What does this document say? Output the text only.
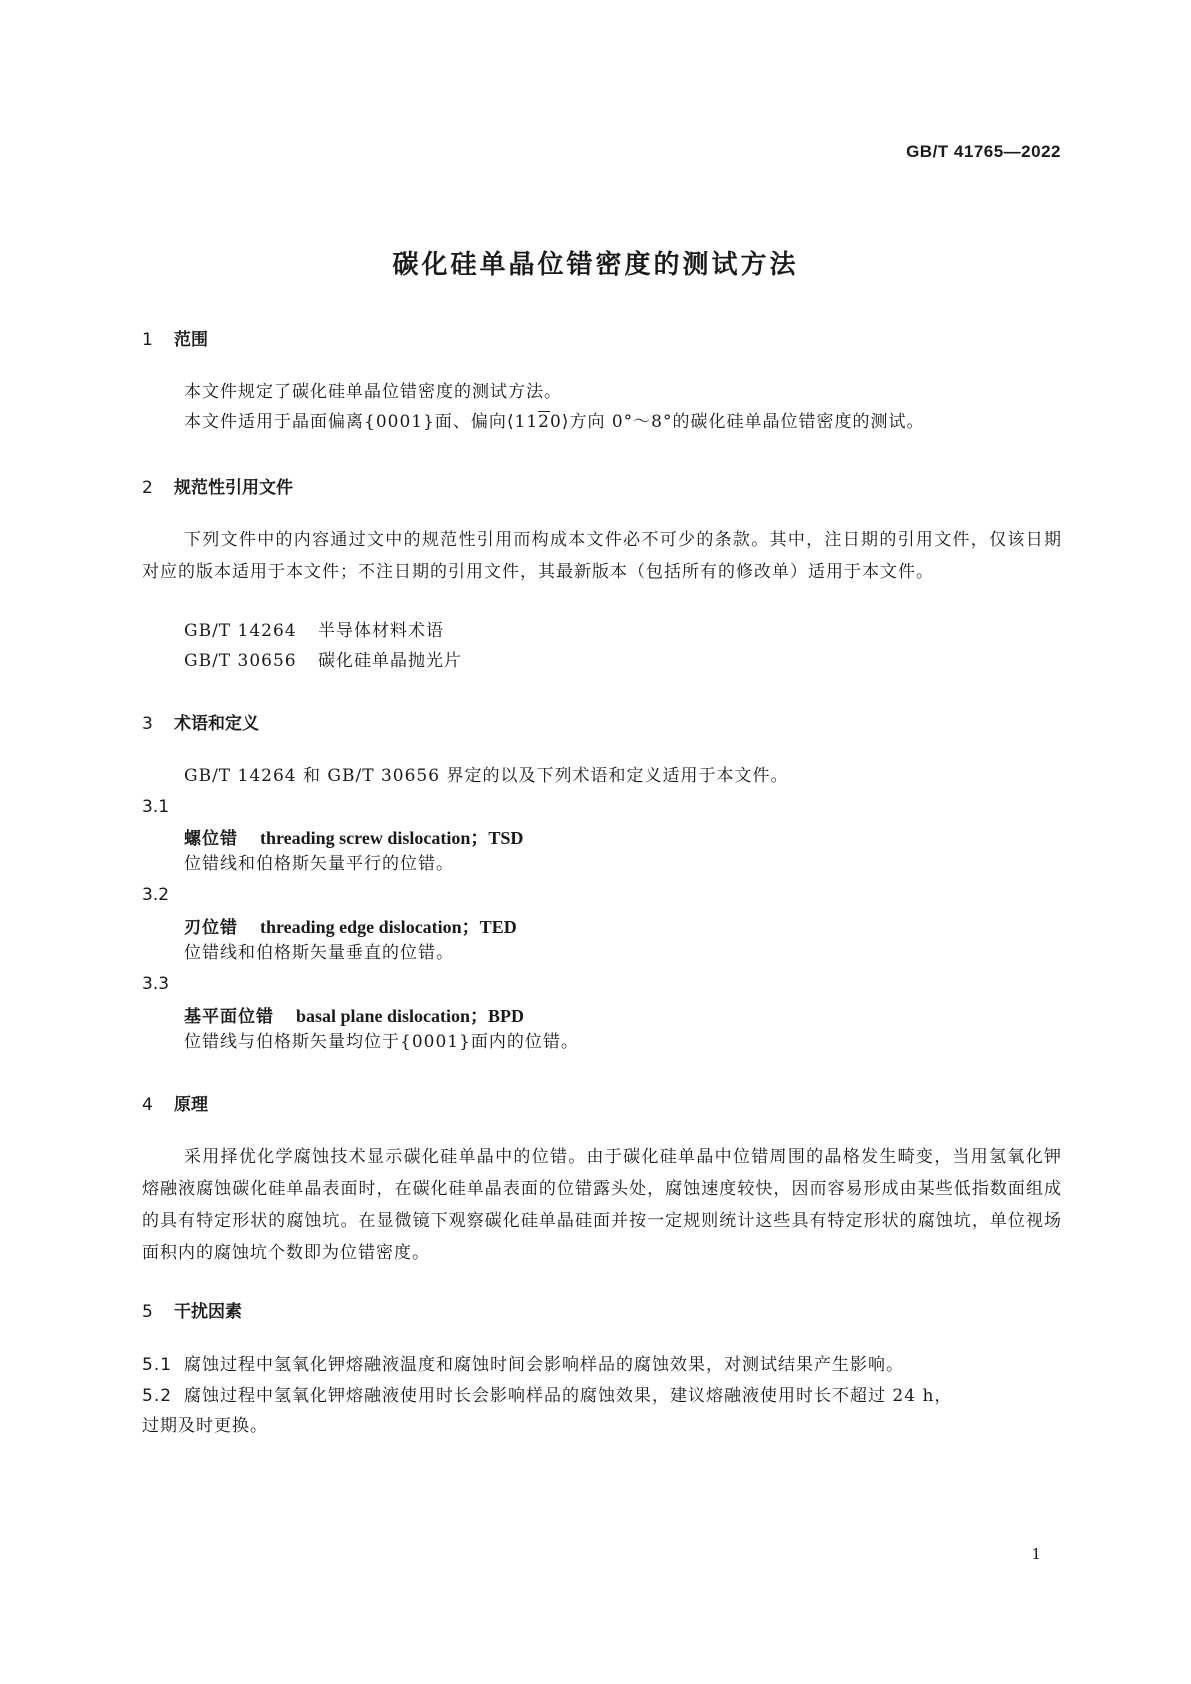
GB/T 41765—2022
碳化硅单晶位错密度的测试方法
1 范围
本文件规定了碳化硅单晶位错密度的测试方法。
本文件适用于晶面偏离{0001}面、偏向⟨1120⟩方向 0°～8°的碳化硅单晶位错密度的测试。
2 规范性引用文件
下列文件中的内容通过文中的规范性引用而构成本文件必不可少的条款。其中，注日期的引用文件，仅该日期对应的版本适用于本文件；不注日期的引用文件，其最新版本（包括所有的修改单）适用于本文件。
GB/T 14264 半导体材料术语
GB/T 30656 碳化硅单晶抛光片
3 术语和定义
GB/T 14264 和 GB/T 30656 界定的以及下列术语和定义适用于本文件。
3.1
螺位错 threading screw dislocation；TSD
位错线和伯格斯矢量平行的位错。
3.2
刃位错 threading edge dislocation；TED
位错线和伯格斯矢量垂直的位错。
3.3
基平面位错 basal plane dislocation；BPD
位错线与伯格斯矢量均位于{0001}面内的位错。
4 原理
采用择优化学腐蚀技术显示碳化硅单晶中的位错。由于碳化硅单晶中位错周围的晶格发生畸变，当用氢氧化钾熔融液腐蚀碳化硅单晶表面时，在碳化硅单晶表面的位错露头处，腐蚀速度较快，因而容易形成由某些低指数面组成的具有特定形状的腐蚀坑。在显微镜下观察碳化硅单晶硅面并按一定规则统计这些具有特定形状的腐蚀坑，单位视场面积内的腐蚀坑个数即为位错密度。
5 干扰因素
5.1 腐蚀过程中氢氧化钾熔融液温度和腐蚀时间会影响样品的腐蚀效果，对测试结果产生影响。
5.2 腐蚀过程中氢氧化钾熔融液使用时长会影响样品的腐蚀效果，建议熔融液使用时长不超过 24 h，
过期及时更换。
1
